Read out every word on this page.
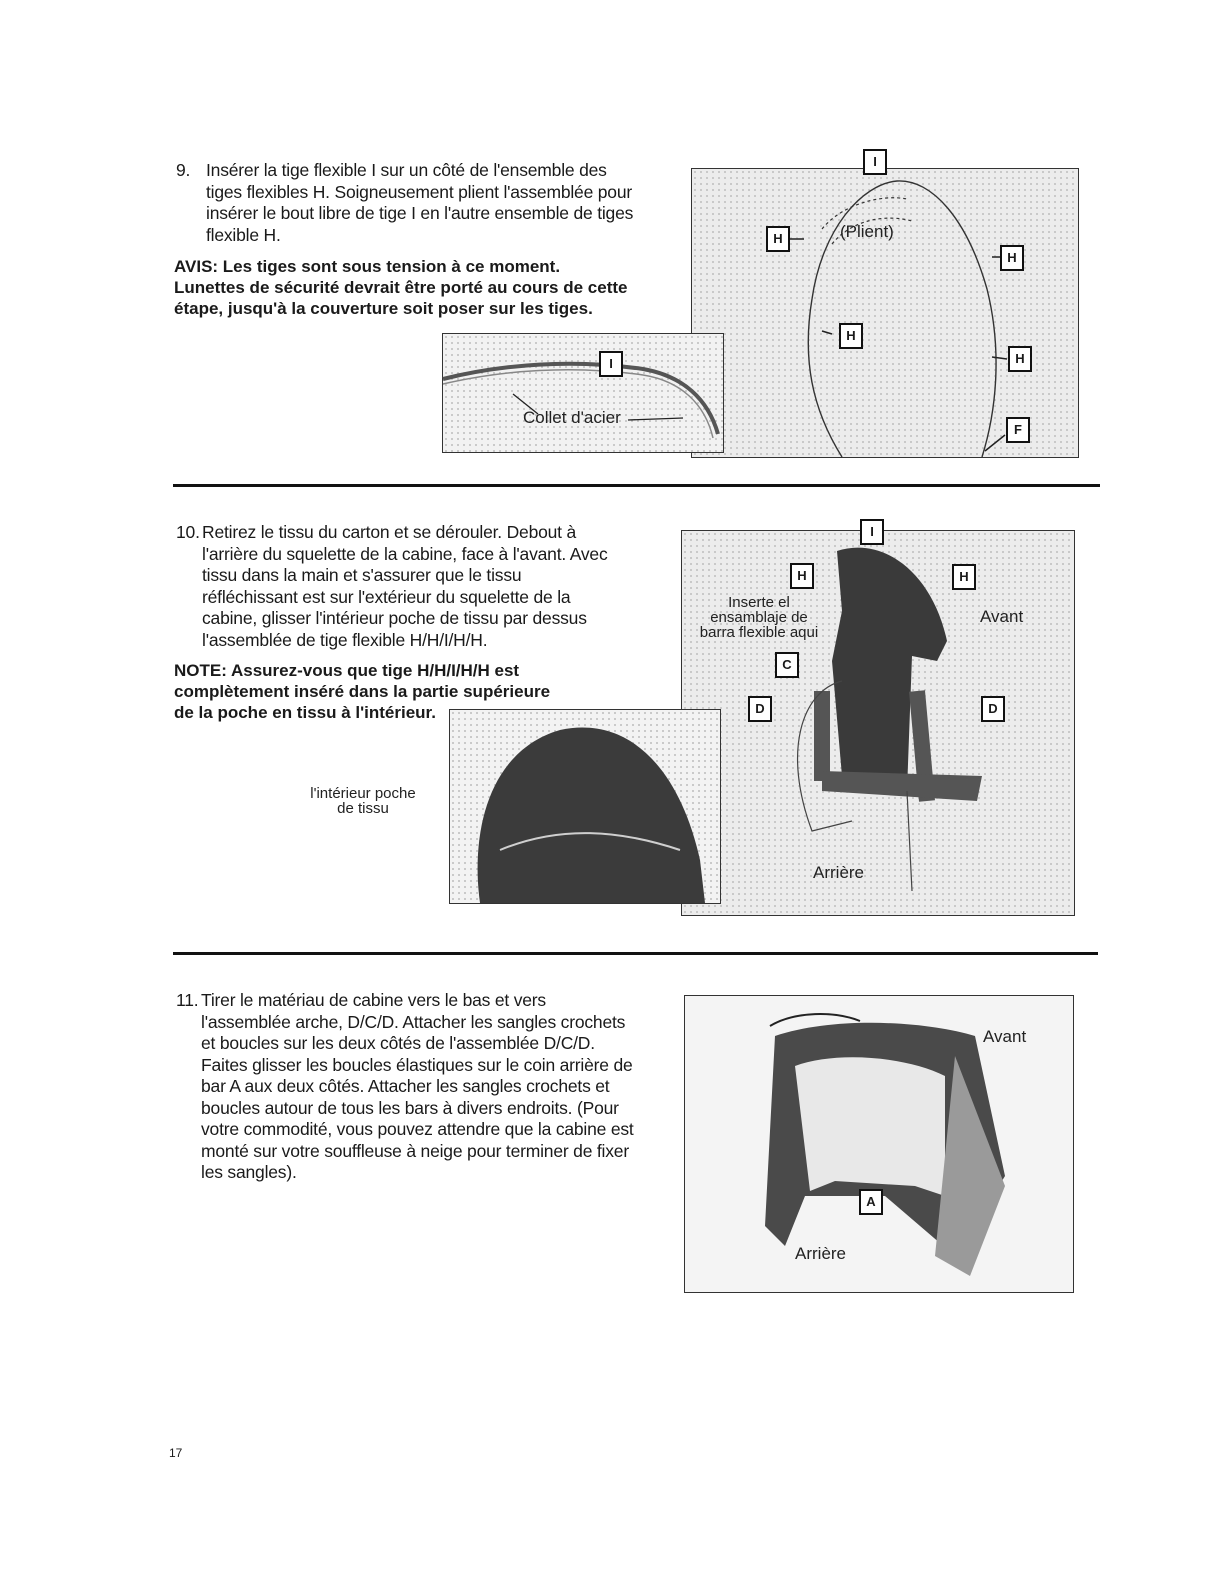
9. Insérer la tige flexible I sur un côté de l'ensemble des tiges flexibles H. Soigneusement plient l'assemblée pour insérer le bout libre de tige I en l'autre ensemble de tiges flexible H.

AVIS: Les tiges sont sous tension à ce moment. Lunettes de sécurité devrait être porté au cours de cette étape, jusqu'à la couverture soit poser sur les tiges.
I
H	(Plient)
H
H
H
F
I
Collet d'acier
10. Retirez le tissu du carton et se dérouler. Debout à l'arrière du squelette de la cabine, face à l'avant. Avec tissu dans la main et s'assurer que le tissu réfléchissant est sur l'extérieur du squelette de la cabine, glisser l'intérieur poche de tissu par dessus l'assemblée de tige flexible H/H/I/H/H.

NOTE: Assurez-vous que tige H/H/I/H/H est complètement inséré dans la partie supérieure de la poche en tissu à l'intérieur.
I
H	H
Inserte el ensamblaje de barra flexible aqui
Avant
C
D	D
Arrière
l'intérieur poche de tissu
11. Tirer le matériau de cabine vers le bas et vers l'assemblée arche, D/C/D. Attacher les sangles crochets et boucles sur les deux côtés de l'assemblée D/C/D. Faites glisser les boucles élastiques sur le coin arrière de bar A aux deux côtés. Attacher les sangles crochets et boucles autour de tous les bars à divers endroits. (Pour votre commodité, vous pouvez attendre que la cabine est monté sur votre souffleuse à neige pour terminer de fixer les sangles).

Avant
A
Arrière
17
